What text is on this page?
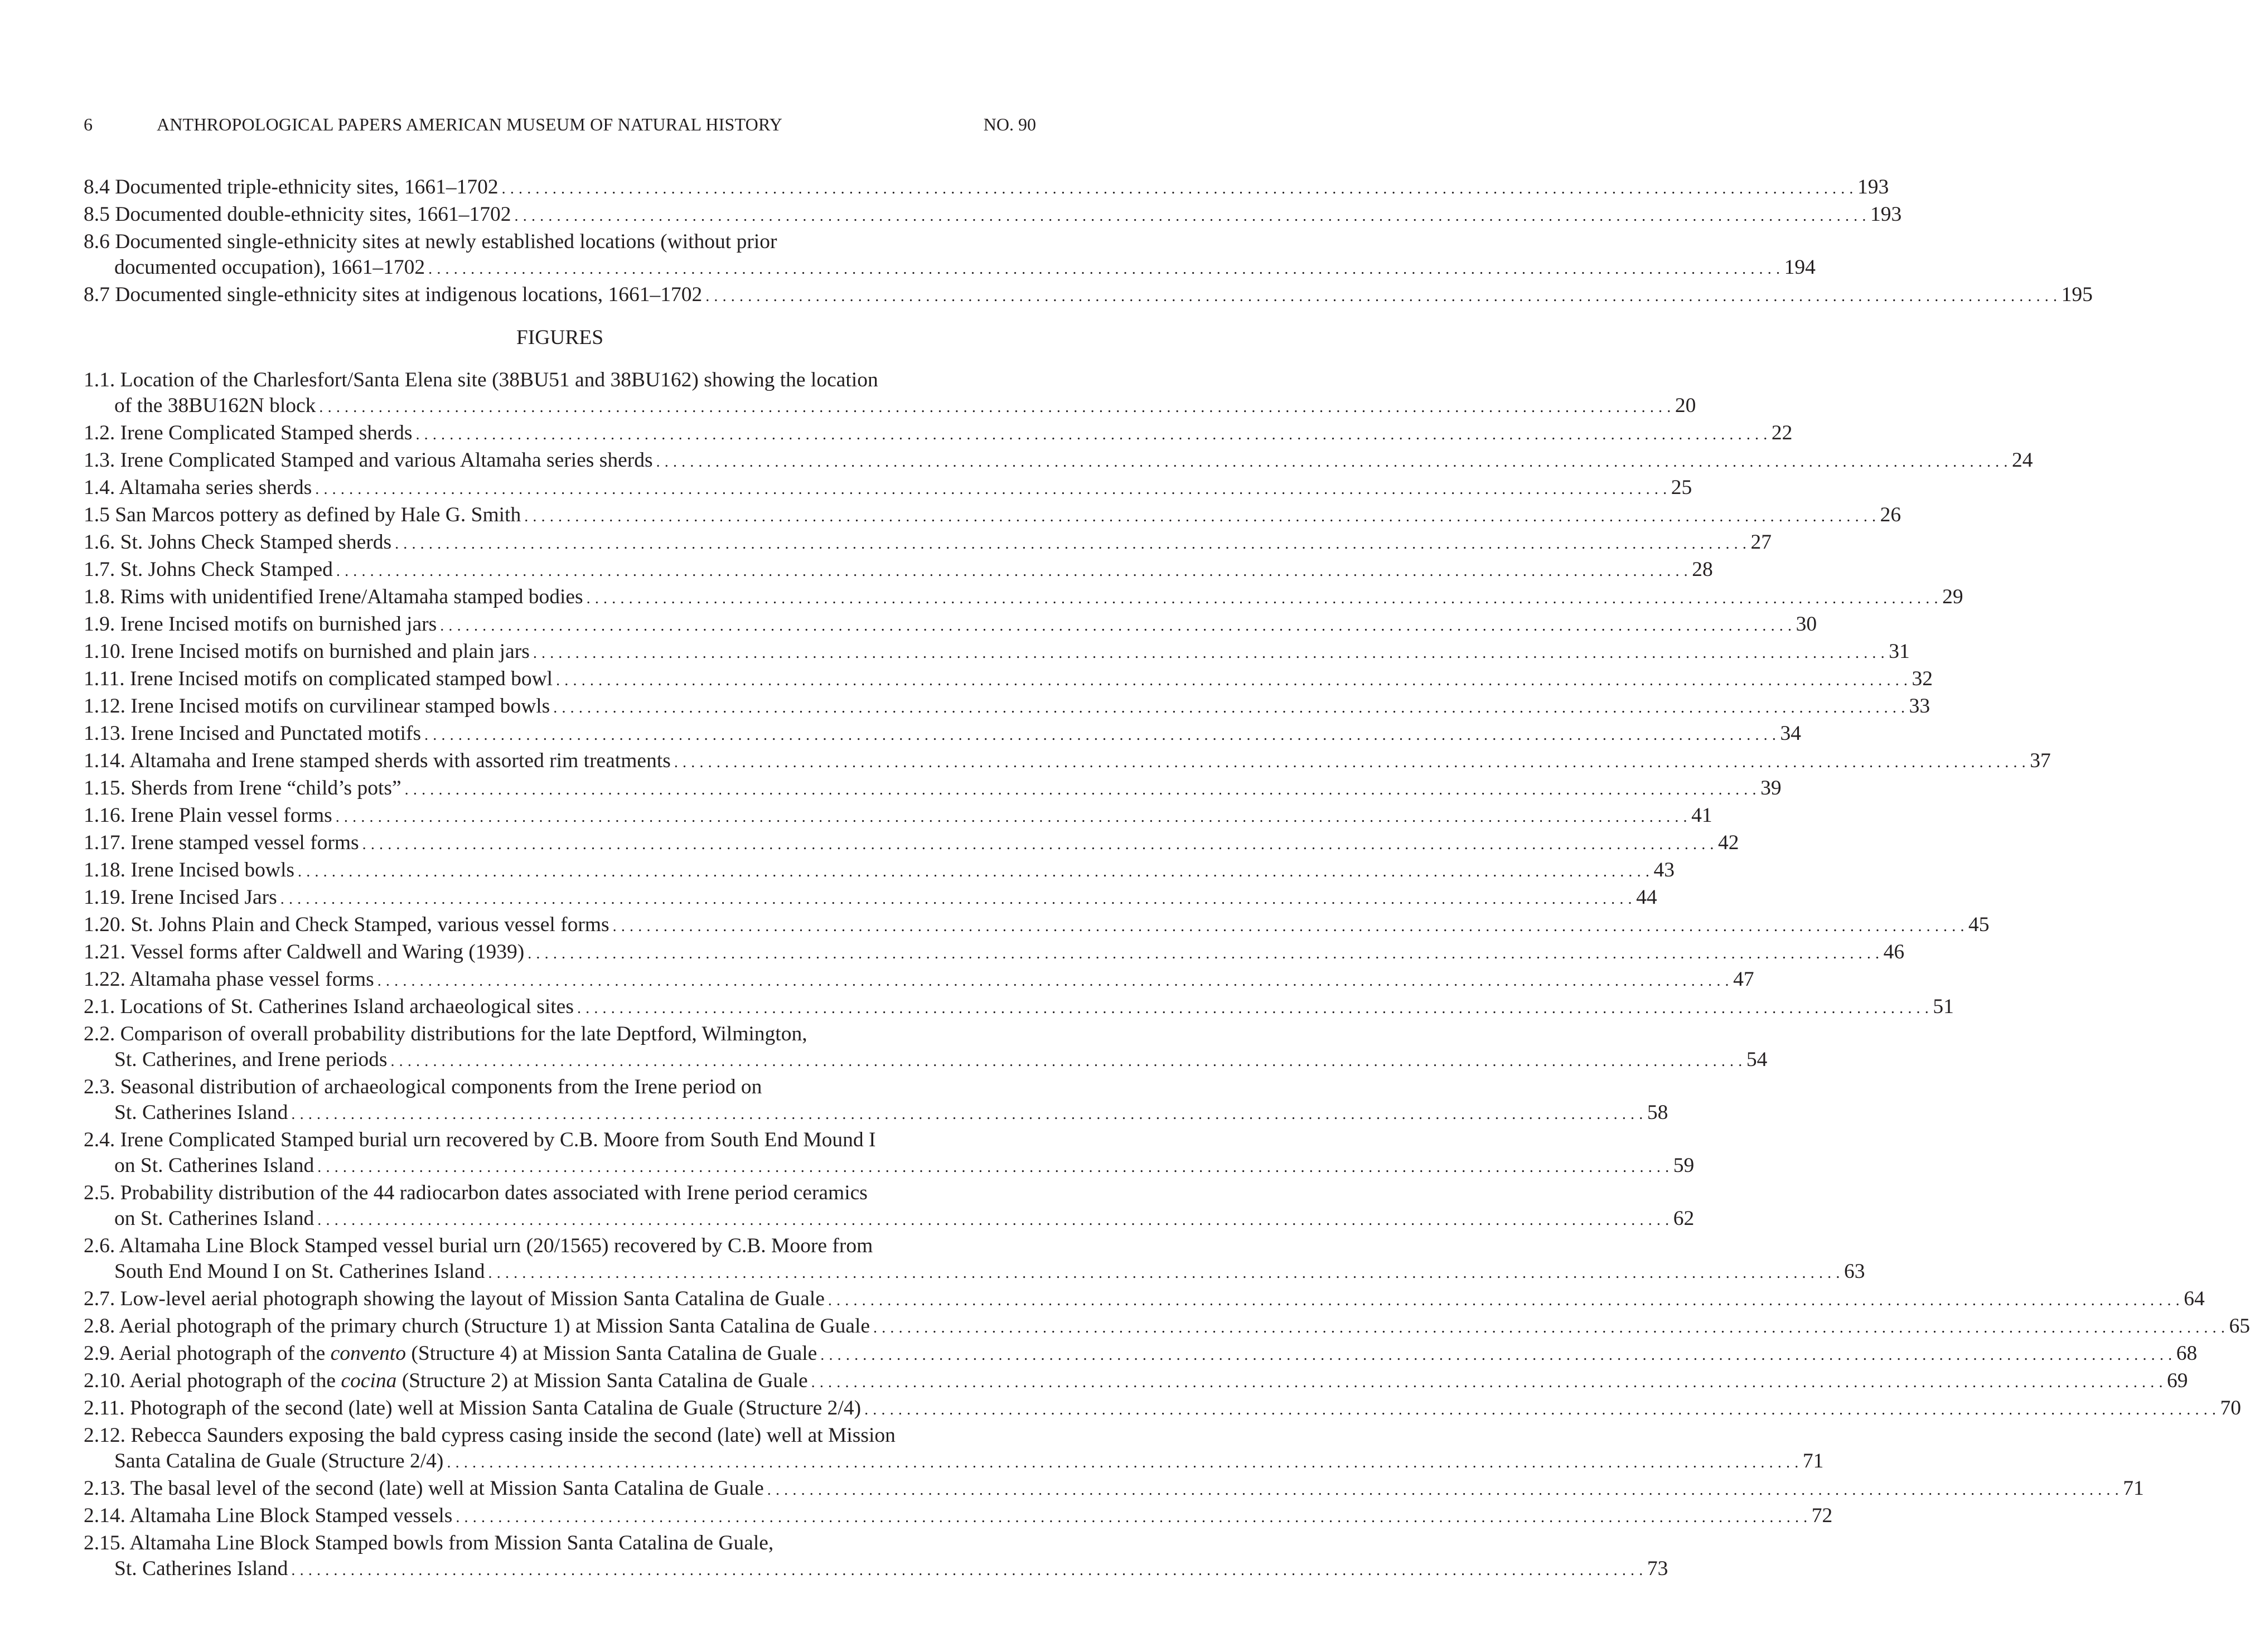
6	ANTHROPOLOGICAL PAPERS AMERICAN MUSEUM OF NATURAL HISTORY	NO. 90
8.4 Documented triple-ethnicity sites, 1661–1702 . . . . . . . . . . . . . . . . . . . . . . . . . . . . . . . . . . . . . . . . . . . . . . . . . . . . . . . . . . . . . . . . . . . . . . . . . . . . . . . . . . . . . . . . . . . . . . . . . . . . . . . . . . . . . . . . . . . . . . . . . . . . . . . . . . . . . . . . . . . . . . . . . . . . . . . . . . . . . . . . 193
8.5 Documented double-ethnicity sites, 1661–1702 . . . . . . . . . . . . . . . . . . . . . . . . . . . . . . . . . . . . . . . . . . . . . . . . . . . . . . . . . . . . . . . . . . . . . . . . . . . . . . . . . . . . . . . . . . . . . . . . . . . . . . . . . . . . . . . . . . . . . . . . . . . . . . . . . . . . . . . . . . . . . . . . . . . . . . . . . . . . . . . . 193
8.6 Documented single-ethnicity sites at newly established locations (without prior
documented occupation), 1661–1702 . . . . . . . . . . . . . . . . . . . . . . . . . . . . . . . . . . . . . . . . . . . . . . . . . . . . . . . . . . . . . . . . . . . . . . . . . . . . . . . . . . . . . . . . . . . . . . . . . . . . . . . . . . . . . . . . . . . . . . . . . . . . . . . . . . . . . . . . . . . . . . . . . . . . . . . . . . . . . . . . 194
8.7 Documented single-ethnicity sites at indigenous locations, 1661–1702 . . . . . . . . . . . . . . . . . . . . . . . . . . . . . . . . . . . . . . . . . . . . . . . . . . . . . . . . . . . . . . . . . . . . . . . . . . . . . . . . . . . . . . . . . . . . . . . . . . . . . . . . . . . . . . . . . . . . . . . . . . . . . . . . . . . . . . . . . . . . . . . . . . . . . . . . . . . . . . . . 195
FIGURES
1.1. Location of the Charlesfort/Santa Elena site (38BU51 and 38BU162) showing the location
of the 38BU162N block . . . . . . . . . . . . . . . . . . . . . . . . . . . . . . . . . . . . . . . . . . . . . . . . . . . . . . . . . . . . . . . . . . . . . . . . . . . . . . . . . . . . . . . . . . . . . . . . . . . . . . . . . . . . . . . . . . . . . . . . . . . . . . . . . . . . . . . . . . . . . . . . . . . . . . . . . . . . . . . . 20
1.2. Irene Complicated Stamped sherds . . . . . . . . . . . . . . . . . . . . . . . . . . . . . . . . . . . . . . . . . . . . . . . . . . . . . . . . . . . . . . . . . . . . . . . . . . . . . . . . . . . . . . . . . . . . . . . . . . . . . . . . . . . . . . . . . . . . . . . . . . . . . . . . . . . . . . . . . . . . . . . . . . . . . . . . . . . . . . . . 22
1.3. Irene Complicated Stamped and various Altamaha series sherds . . . . . . . . . . . . . . . . . . . . . . . . . . . . . . . . . . . . . . . . . . . . . . . . . . . . . . . . . . . . . . . . . . . . . . . . . . . . . . . . . . . . . . . . . . . . . . . . . . . . . . . . . . . . . . . . . . . . . . . . . . . . . . . . . . . . . . . . . . . . . . . . . . . . . . . . . . . . . . . . 24
1.4. Altamaha series sherds . . . . . . . . . . . . . . . . . . . . . . . . . . . . . . . . . . . . . . . . . . . . . . . . . . . . . . . . . . . . . . . . . . . . . . . . . . . . . . . . . . . . . . . . . . . . . . . . . . . . . . . . . . . . . . . . . . . . . . . . . . . . . . . . . . . . . . . . . . . . . . . . . . . . . . . . . . . . . . . . 25
1.5 San Marcos pottery as defined by Hale G. Smith . . . . . . . . . . . . . . . . . . . . . . . . . . . . . . . . . . . . . . . . . . . . . . . . . . . . . . . . . . . . . . . . . . . . . . . . . . . . . . . . . . . . . . . . . . . . . . . . . . . . . . . . . . . . . . . . . . . . . . . . . . . . . . . . . . . . . . . . . . . . . . . . . . . . . . . . . . . . . . . . 26
1.6. St. Johns Check Stamped sherds . . . . . . . . . . . . . . . . . . . . . . . . . . . . . . . . . . . . . . . . . . . . . . . . . . . . . . . . . . . . . . . . . . . . . . . . . . . . . . . . . . . . . . . . . . . . . . . . . . . . . . . . . . . . . . . . . . . . . . . . . . . . . . . . . . . . . . . . . . . . . . . . . . . . . . . . . . . . . . . . 27
1.7. St. Johns Check Stamped . . . . . . . . . . . . . . . . . . . . . . . . . . . . . . . . . . . . . . . . . . . . . . . . . . . . . . . . . . . . . . . . . . . . . . . . . . . . . . . . . . . . . . . . . . . . . . . . . . . . . . . . . . . . . . . . . . . . . . . . . . . . . . . . . . . . . . . . . . . . . . . . . . . . . . . . . . . . . . . . 28
1.8. Rims with unidentified Irene/Altamaha stamped bodies . . . . . . . . . . . . . . . . . . . . . . . . . . . . . . . . . . . . . . . . . . . . . . . . . . . . . . . . . . . . . . . . . . . . . . . . . . . . . . . . . . . . . . . . . . . . . . . . . . . . . . . . . . . . . . . . . . . . . . . . . . . . . . . . . . . . . . . . . . . . . . . . . . . . . . . . . . . . . . . . 29
1.9. Irene Incised motifs on burnished jars . . . . . . . . . . . . . . . . . . . . . . . . . . . . . . . . . . . . . . . . . . . . . . . . . . . . . . . . . . . . . . . . . . . . . . . . . . . . . . . . . . . . . . . . . . . . . . . . . . . . . . . . . . . . . . . . . . . . . . . . . . . . . . . . . . . . . . . . . . . . . . . . . . . . . . . . . . . . . . . . 30
1.10. Irene Incised motifs on burnished and plain jars . . . . . . . . . . . . . . . . . . . . . . . . . . . . . . . . . . . . . . . . . . . . . . . . . . . . . . . . . . . . . . . . . . . . . . . . . . . . . . . . . . . . . . . . . . . . . . . . . . . . . . . . . . . . . . . . . . . . . . . . . . . . . . . . . . . . . . . . . . . . . . . . . . . . . . . . . . . . . . . . 31
1.11. Irene Incised motifs on complicated stamped bowl . . . . . . . . . . . . . . . . . . . . . . . . . . . . . . . . . . . . . . . . . . . . . . . . . . . . . . . . . . . . . . . . . . . . . . . . . . . . . . . . . . . . . . . . . . . . . . . . . . . . . . . . . . . . . . . . . . . . . . . . . . . . . . . . . . . . . . . . . . . . . . . . . . . . . . . . . . . . . . . . 32
1.12. Irene Incised motifs on curvilinear stamped bowls . . . . . . . . . . . . . . . . . . . . . . . . . . . . . . . . . . . . . . . . . . . . . . . . . . . . . . . . . . . . . . . . . . . . . . . . . . . . . . . . . . . . . . . . . . . . . . . . . . . . . . . . . . . . . . . . . . . . . . . . . . . . . . . . . . . . . . . . . . . . . . . . . . . . . . . . . . . . . . . . 33
1.13. Irene Incised and Punctated motifs . . . . . . . . . . . . . . . . . . . . . . . . . . . . . . . . . . . . . . . . . . . . . . . . . . . . . . . . . . . . . . . . . . . . . . . . . . . . . . . . . . . . . . . . . . . . . . . . . . . . . . . . . . . . . . . . . . . . . . . . . . . . . . . . . . . . . . . . . . . . . . . . . . . . . . . . . . . . . . . . 34
1.14. Altamaha and Irene stamped sherds with assorted rim treatments . . . . . . . . . . . . . . . . . . . . . . . . . . . . . . . . . . . . . . . . . . . . . . . . . . . . . . . . . . . . . . . . . . . . . . . . . . . . . . . . . . . . . . . . . . . . . . . . . . . . . . . . . . . . . . . . . . . . . . . . . . . . . . . . . . . . . . . . . . . . . . . . . . . . . . . . . . . . . . . . 37
1.15. Sherds from Irene “child’s pots” . . . . . . . . . . . . . . . . . . . . . . . . . . . . . . . . . . . . . . . . . . . . . . . . . . . . . . . . . . . . . . . . . . . . . . . . . . . . . . . . . . . . . . . . . . . . . . . . . . . . . . . . . . . . . . . . . . . . . . . . . . . . . . . . . . . . . . . . . . . . . . . . . . . . . . . . . . . . . . . . 39
1.16. Irene Plain vessel forms . . . . . . . . . . . . . . . . . . . . . . . . . . . . . . . . . . . . . . . . . . . . . . . . . . . . . . . . . . . . . . . . . . . . . . . . . . . . . . . . . . . . . . . . . . . . . . . . . . . . . . . . . . . . . . . . . . . . . . . . . . . . . . . . . . . . . . . . . . . . . . . . . . . . . . . . . . . . . . . . 41
1.17. Irene stamped vessel forms . . . . . . . . . . . . . . . . . . . . . . . . . . . . . . . . . . . . . . . . . . . . . . . . . . . . . . . . . . . . . . . . . . . . . . . . . . . . . . . . . . . . . . . . . . . . . . . . . . . . . . . . . . . . . . . . . . . . . . . . . . . . . . . . . . . . . . . . . . . . . . . . . . . . . . . . . . . . . . . . 42
1.18. Irene Incised bowls . . . . . . . . . . . . . . . . . . . . . . . . . . . . . . . . . . . . . . . . . . . . . . . . . . . . . . . . . . . . . . . . . . . . . . . . . . . . . . . . . . . . . . . . . . . . . . . . . . . . . . . . . . . . . . . . . . . . . . . . . . . . . . . . . . . . . . . . . . . . . . . . . . . . . . . . . . . . . . . . 43
1.19. Irene Incised Jars . . . . . . . . . . . . . . . . . . . . . . . . . . . . . . . . . . . . . . . . . . . . . . . . . . . . . . . . . . . . . . . . . . . . . . . . . . . . . . . . . . . . . . . . . . . . . . . . . . . . . . . . . . . . . . . . . . . . . . . . . . . . . . . . . . . . . . . . . . . . . . . . . . . . . . . . . . . . . . . . 44
1.20. St. Johns Plain and Check Stamped, various vessel forms . . . . . . . . . . . . . . . . . . . . . . . . . . . . . . . . . . . . . . . . . . . . . . . . . . . . . . . . . . . . . . . . . . . . . . . . . . . . . . . . . . . . . . . . . . . . . . . . . . . . . . . . . . . . . . . . . . . . . . . . . . . . . . . . . . . . . . . . . . . . . . . . . . . . . . . . . . . . . . . . 45
1.21. Vessel forms after Caldwell and Waring (1939) . . . . . . . . . . . . . . . . . . . . . . . . . . . . . . . . . . . . . . . . . . . . . . . . . . . . . . . . . . . . . . . . . . . . . . . . . . . . . . . . . . . . . . . . . . . . . . . . . . . . . . . . . . . . . . . . . . . . . . . . . . . . . . . . . . . . . . . . . . . . . . . . . . . . . . . . . . . . . . . . 46
1.22. Altamaha phase vessel forms . . . . . . . . . . . . . . . . . . . . . . . . . . . . . . . . . . . . . . . . . . . . . . . . . . . . . . . . . . . . . . . . . . . . . . . . . . . . . . . . . . . . . . . . . . . . . . . . . . . . . . . . . . . . . . . . . . . . . . . . . . . . . . . . . . . . . . . . . . . . . . . . . . . . . . . . . . . . . . . . 47
2.1. Locations of St. Catherines Island archaeological sites . . . . . . . . . . . . . . . . . . . . . . . . . . . . . . . . . . . . . . . . . . . . . . . . . . . . . . . . . . . . . . . . . . . . . . . . . . . . . . . . . . . . . . . . . . . . . . . . . . . . . . . . . . . . . . . . . . . . . . . . . . . . . . . . . . . . . . . . . . . . . . . . . . . . . . . . . . . . . . . . 51
2.2. Comparison of overall probability distributions for the late Deptford, Wilmington,
St. Catherines, and Irene periods . . . . . . . . . . . . . . . . . . . . . . . . . . . . . . . . . . . . . . . . . . . . . . . . . . . . . . . . . . . . . . . . . . . . . . . . . . . . . . . . . . . . . . . . . . . . . . . . . . . . . . . . . . . . . . . . . . . . . . . . . . . . . . . . . . . . . . . . . . . . . . . . . . . . . . . . . . . . . . . . 54
2.3. Seasonal distribution of archaeological components from the Irene period on
St. Catherines Island . . . . . . . . . . . . . . . . . . . . . . . . . . . . . . . . . . . . . . . . . . . . . . . . . . . . . . . . . . . . . . . . . . . . . . . . . . . . . . . . . . . . . . . . . . . . . . . . . . . . . . . . . . . . . . . . . . . . . . . . . . . . . . . . . . . . . . . . . . . . . . . . . . . . . . . . . . . . . . . . 58
2.4. Irene Complicated Stamped burial urn recovered by C.B. Moore from South End Mound I
on St. Catherines Island . . . . . . . . . . . . . . . . . . . . . . . . . . . . . . . . . . . . . . . . . . . . . . . . . . . . . . . . . . . . . . . . . . . . . . . . . . . . . . . . . . . . . . . . . . . . . . . . . . . . . . . . . . . . . . . . . . . . . . . . . . . . . . . . . . . . . . . . . . . . . . . . . . . . . . . . . . . . . . . . 59
2.5. Probability distribution of the 44 radiocarbon dates associated with Irene period ceramics
on St. Catherines Island . . . . . . . . . . . . . . . . . . . . . . . . . . . . . . . . . . . . . . . . . . . . . . . . . . . . . . . . . . . . . . . . . . . . . . . . . . . . . . . . . . . . . . . . . . . . . . . . . . . . . . . . . . . . . . . . . . . . . . . . . . . . . . . . . . . . . . . . . . . . . . . . . . . . . . . . . . . . . . . . 62
2.6. Altamaha Line Block Stamped vessel burial urn (20/1565) recovered by C.B. Moore from
South End Mound I on St. Catherines Island . . . . . . . . . . . . . . . . . . . . . . . . . . . . . . . . . . . . . . . . . . . . . . . . . . . . . . . . . . . . . . . . . . . . . . . . . . . . . . . . . . . . . . . . . . . . . . . . . . . . . . . . . . . . . . . . . . . . . . . . . . . . . . . . . . . . . . . . . . . . . . . . . . . . . . . . . . . . . . . . 63
2.7. Low-level aerial photograph showing the layout of Mission Santa Catalina de Guale . . . . . . . . . . . . . . . . . . . . . . . . . . . . . . . . . . . . . . . . . . . . . . . . . . . . . . . . . . . . . . . . . . . . . . . . . . . . . . . . . . . . . . . . . . . . . . . . . . . . . . . . . . . . . . . . . . . . . . . . . . . . . . . . . . . . . . . . . . . . . . . . . . . . . . . . . . . . . . . . 64
2.8. Aerial photograph of the primary church (Structure 1) at Mission Santa Catalina de Guale . . . . . . . . . . . . . . . . . . . . . . . . . . . . . . . . . . . . . . . . . . . . . . . . . . . . . . . . . . . . . . . . . . . . . . . . . . . . . . . . . . . . . . . . . . . . . . . . . . . . . . . . . . . . . . . . . . . . . . . . . . . . . . . . . . . . . . . . . . . . . . . . . . . . . . . . . . . . . . . . 65
2.9. Aerial photograph of the convento (Structure 4) at Mission Santa Catalina de Guale . . . . . . . . . . . . . . . . . . . . . . . . . . . . . . . . . . . . . . . . . . . . . . . . . . . . . . . . . . . . . . . . . . . . . . . . . . . . . . . . . . . . . . . . . . . . . . . . . . . . . . . . . . . . . . . . . . . . . . . . . . . . . . . . . . . . . . . . . . . . . . . . . . . . . . . . . . . . . . . . 68
2.10. Aerial photograph of the cocina (Structure 2) at Mission Santa Catalina de Guale . . . . . . . . . . . . . . . . . . . . . . . . . . . . . . . . . . . . . . . . . . . . . . . . . . . . . . . . . . . . . . . . . . . . . . . . . . . . . . . . . . . . . . . . . . . . . . . . . . . . . . . . . . . . . . . . . . . . . . . . . . . . . . . . . . . . . . . . . . . . . . . . . . . . . . . . . . . . . . . . 69
2.11. Photograph of the second (late) well at Mission Santa Catalina de Guale (Structure 2/4) . . . . . . . . . . . . . . . . . . . . . . . . . . . . . . . . . . . . . . . . . . . . . . . . . . . . . . . . . . . . . . . . . . . . . . . . . . . . . . . . . . . . . . . . . . . . . . . . . . . . . . . . . . . . . . . . . . . . . . . . . . . . . . . . . . . . . . . . . . . . . . . . . . . . . . . . . . . . . . . . 70
2.12. Rebecca Saunders exposing the bald cypress casing inside the second (late) well at Mission
Santa Catalina de Guale (Structure 2/4) . . . . . . . . . . . . . . . . . . . . . . . . . . . . . . . . . . . . . . . . . . . . . . . . . . . . . . . . . . . . . . . . . . . . . . . . . . . . . . . . . . . . . . . . . . . . . . . . . . . . . . . . . . . . . . . . . . . . . . . . . . . . . . . . . . . . . . . . . . . . . . . . . . . . . . . . . . . . . . . . 71
2.13. The basal level of the second (late) well at Mission Santa Catalina de Guale . . . . . . . . . . . . . . . . . . . . . . . . . . . . . . . . . . . . . . . . . . . . . . . . . . . . . . . . . . . . . . . . . . . . . . . . . . . . . . . . . . . . . . . . . . . . . . . . . . . . . . . . . . . . . . . . . . . . . . . . . . . . . . . . . . . . . . . . . . . . . . . . . . . . . . . . . . . . . . . . 71
2.14. Altamaha Line Block Stamped vessels . . . . . . . . . . . . . . . . . . . . . . . . . . . . . . . . . . . . . . . . . . . . . . . . . . . . . . . . . . . . . . . . . . . . . . . . . . . . . . . . . . . . . . . . . . . . . . . . . . . . . . . . . . . . . . . . . . . . . . . . . . . . . . . . . . . . . . . . . . . . . . . . . . . . . . . . . . . . . . . . 72
2.15. Altamaha Line Block Stamped bowls from Mission Santa Catalina de Guale,
St. Catherines Island . . . . . . . . . . . . . . . . . . . . . . . . . . . . . . . . . . . . . . . . . . . . . . . . . . . . . . . . . . . . . . . . . . . . . . . . . . . . . . . . . . . . . . . . . . . . . . . . . . . . . . . . . . . . . . . . . . . . . . . . . . . . . . . . . . . . . . . . . . . . . . . . . . . . . . . . . . . . . . . . 73
